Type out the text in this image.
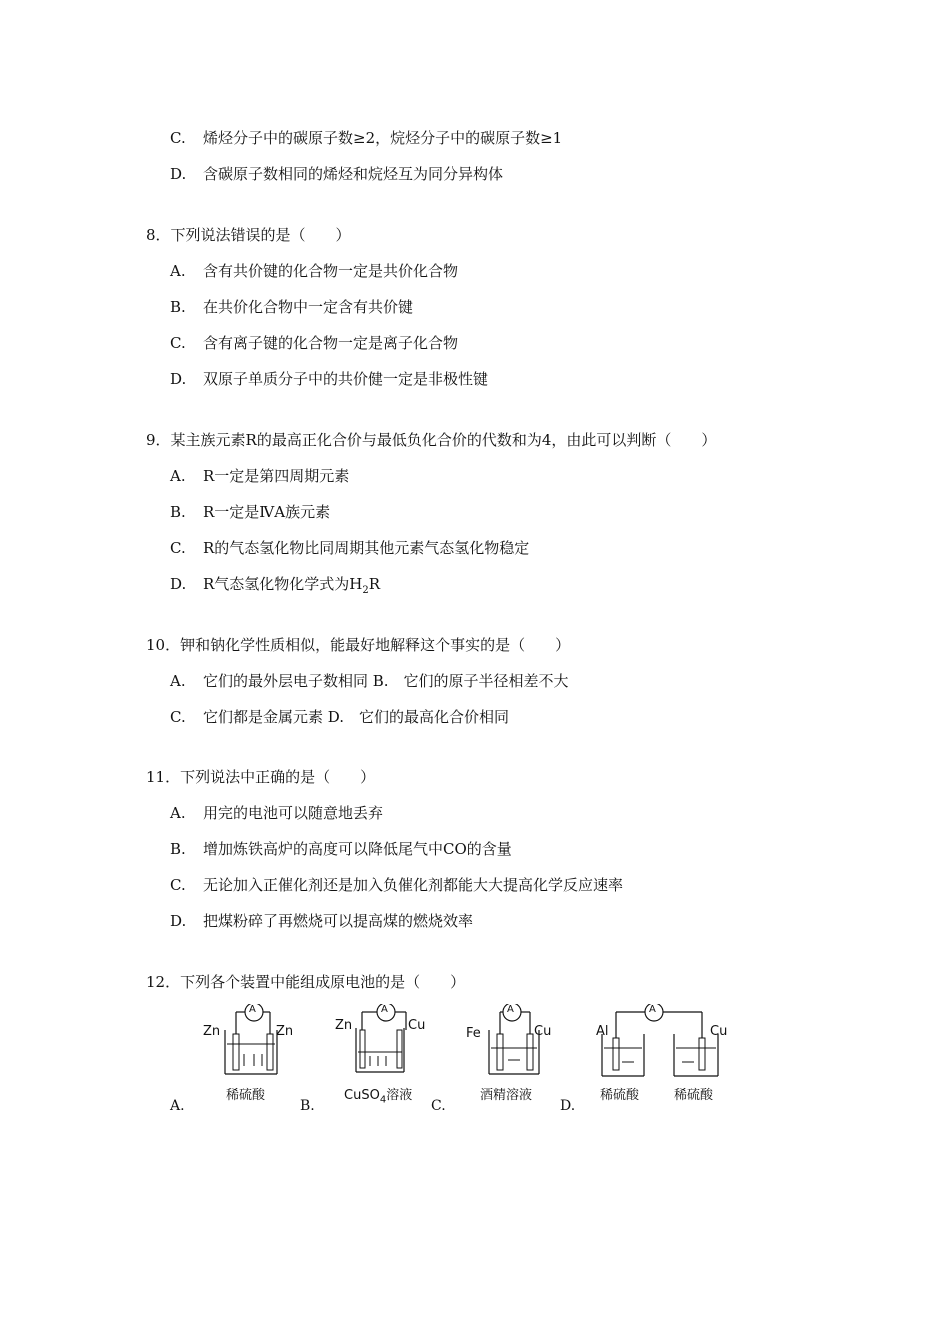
C. 烯烃分子中的碳原子数≥2，烷烃分子中的碳原子数≥1
D. 含碳原子数相同的烯烃和烷烃互为同分异构体
8．下列说法错误的是（　　）
A. 含有共价键的化合物一定是共价化合物
B. 在共价化合物中一定含有共价键
C. 含有离子键的化合物一定是离子化合物
D. 双原子单质分子中的共价健一定是非极性键
9．某主族元素R的最高正化合价与最低负化合价的代数和为4，由此可以判断（　　）
A. R一定是第四周期元素
B. R一定是ⅣA族元素
C. R的气态氢化物比同周期其他元素气态氢化物稳定
D. R气态氢化物化学式为$H_2R$
10．钾和钠化学性质相似，能最好地解释这个事实的是（　　）
A. 它们的最外层电子数相同 B.　它们的原子半径相差不大
C. 它们都是金属元素 D.　它们的最高化合价相同
11．下列说法中正确的是（　　）
A. 用完的电池可以随意地丢弃
B. 增加炼铁高炉的高度可以降低尾气中CO的含量
C. 无论加入正催化剂还是加入负催化剂都能大大提高化学反应速率
D. 把煤粉碎了再燃烧可以提高煤的燃烧效率
12．下列各个装置中能组成原电池的是（　　）
Zn	Zn
A
稀硫酸
Zn	Cu
A
CuSO$_4$溶液
Fe	Cu
A
酒精溶液
Al	Cu
A
稀硫酸	稀硫酸
A.	B.	C.	D.
